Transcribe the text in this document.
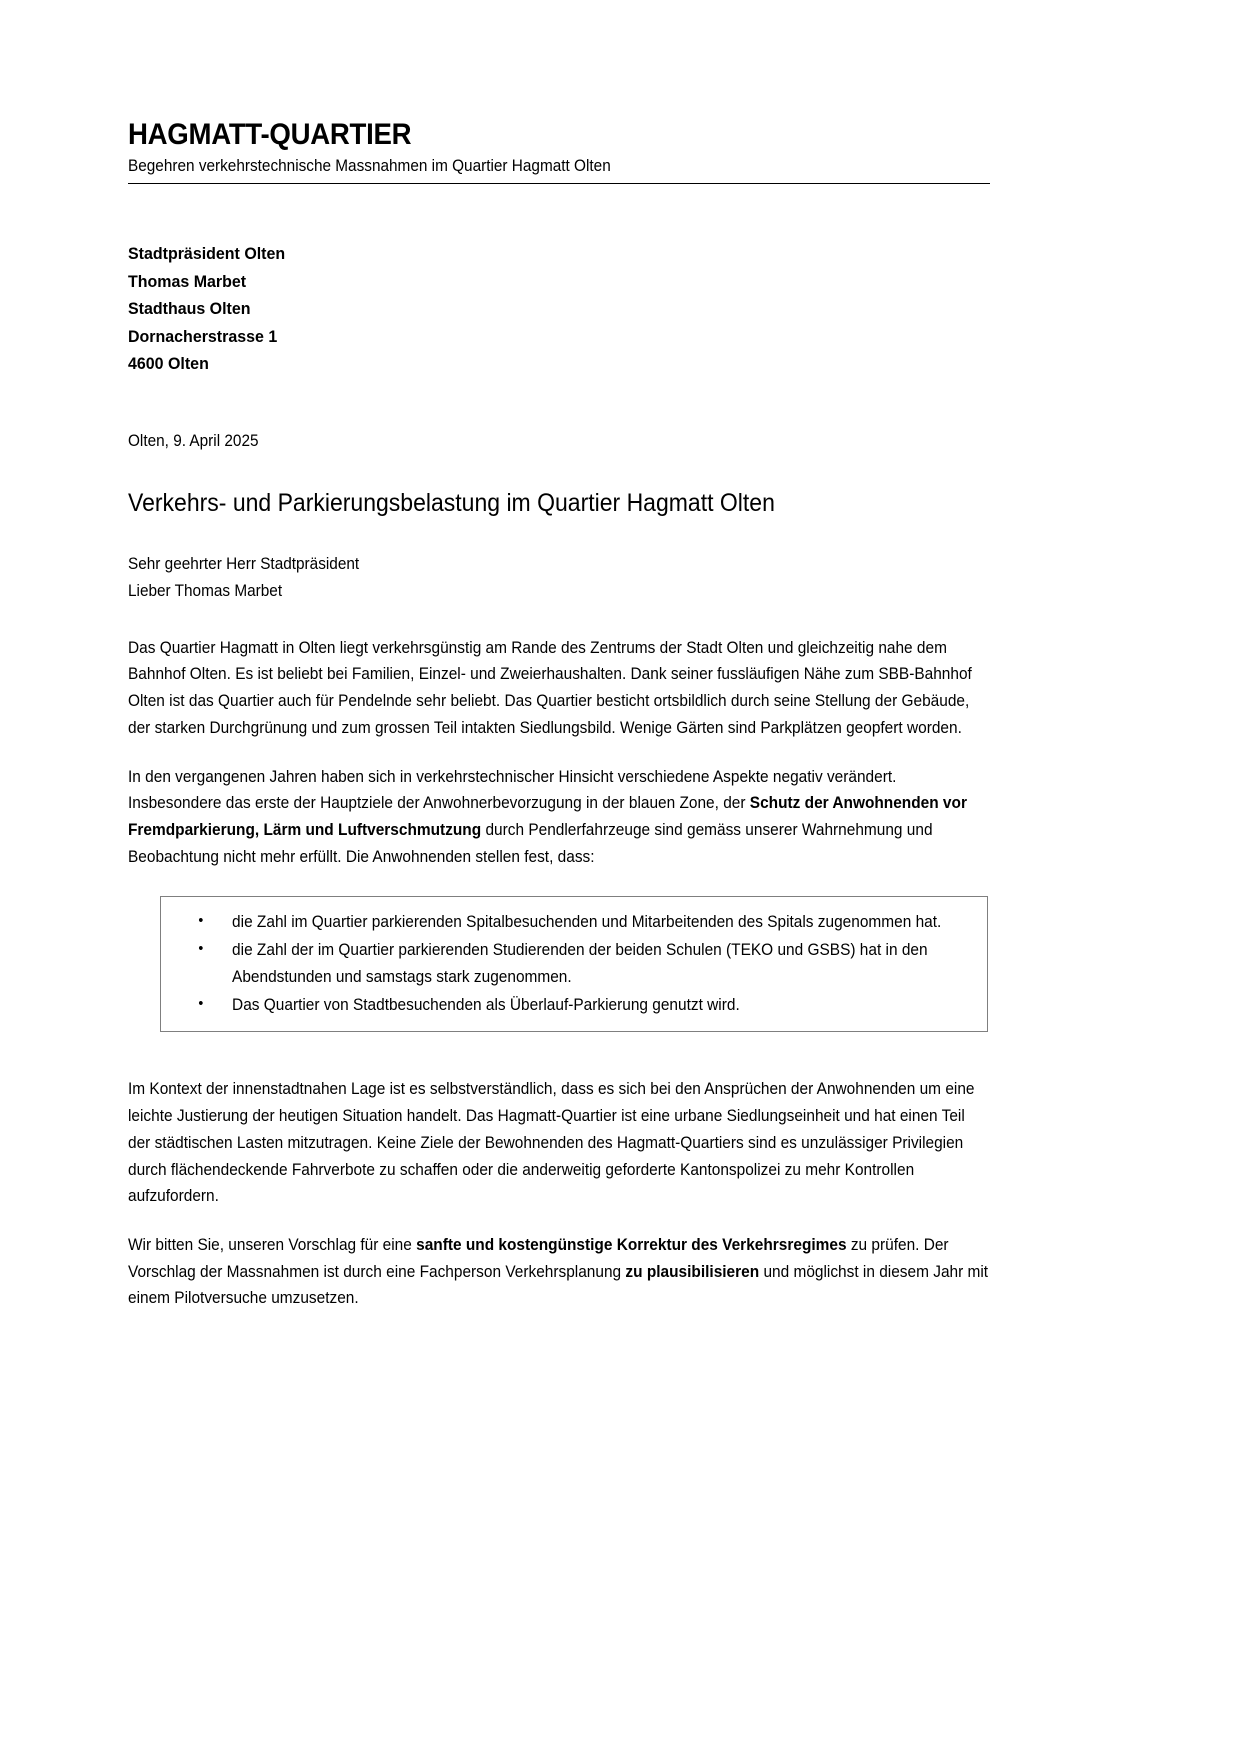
HAGMATT-QUARTIER
Begehren verkehrstechnische Massnahmen im Quartier Hagmatt Olten
Stadtpräsident Olten
Thomas Marbet
Stadthaus Olten
Dornacherstrasse 1
4600 Olten
Olten, 9. April 2025
Verkehrs- und Parkierungsbelastung im Quartier Hagmatt Olten
Sehr geehrter Herr Stadtpräsident
Lieber Thomas Marbet

Das Quartier Hagmatt in Olten liegt verkehrsgünstig am Rande des Zentrums der Stadt Olten und gleichzeitig nahe dem Bahnhof Olten. Es ist beliebt bei Familien, Einzel- und Zweierhaushalten. Dank seiner fussläufigen Nähe zum SBB-Bahnhof Olten ist das Quartier auch für Pendelnde sehr beliebt. Das Quartier besticht ortsbildlich durch seine Stellung der Gebäude, der starken Durchgrünung und zum grossen Teil intakten Siedlungsbild. Wenige Gärten sind Parkplätzen geopfert worden.

In den vergangenen Jahren haben sich in verkehrstechnischer Hinsicht verschiedene Aspekte negativ verändert. Insbesondere das erste der Hauptziele der Anwohnerbevorzugung in der blauen Zone, der Schutz der Anwohnenden vor Fremdparkierung, Lärm und Luftverschmutzung durch Pendlerfahrzeuge sind gemäss unserer Wahrnehmung und Beobachtung nicht mehr erfüllt. Die Anwohnenden stellen fest, dass:

• die Zahl im Quartier parkierenden Spitalbesuchenden und Mitarbeitenden des Spitals zugenommen hat.
• die Zahl der im Quartier parkierenden Studierenden der beiden Schulen (TEKO und GSBS) hat in den Abendstunden und samstags stark zugenommen.
• Das Quartier von Stadtbesuchenden als Überlauf-Parkierung genutzt wird.

Im Kontext der innenstadtnahen Lage ist es selbstverständlich, dass es sich bei den Ansprüchen der Anwohnenden um eine leichte Justierung der heutigen Situation handelt. Das Hagmatt-Quartier ist eine urbane Siedlungseinheit und hat einen Teil der städtischen Lasten mitzutragen. Keine Ziele der Bewohnenden des Hagmatt-Quartiers sind es unzulässiger Privilegien durch flächendeckende Fahrverbote zu schaffen oder die anderweitig geforderte Kantonspolizei zu mehr Kontrollen aufzufordern.

Wir bitten Sie, unseren Vorschlag für eine sanfte und kostengünstige Korrektur des Verkehrsregimes zu prüfen. Der Vorschlag der Massnahmen ist durch eine Fachperson Verkehrsplanung zu plausibilisieren und möglichst in diesem Jahr mit einem Pilotversuche umzusetzen.
